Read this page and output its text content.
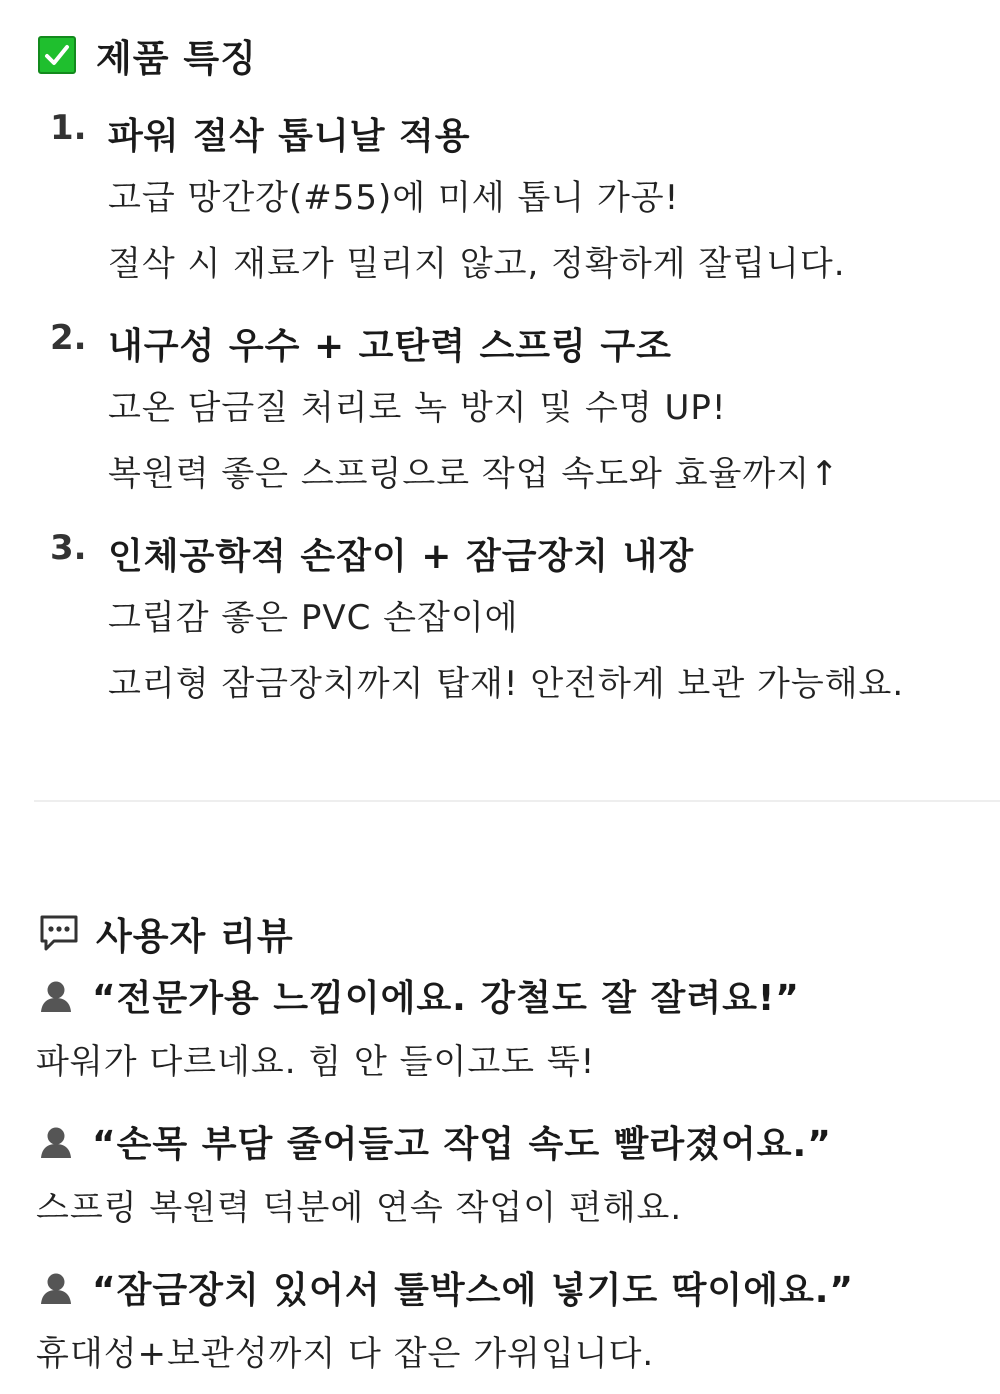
제품 특징
1. 파워 절삭 톱니날 적용
고급 망간강(#55)에 미세 톱니 가공!
절삭 시 재료가 밀리지 않고, 정확하게 잘립니다.
2. 내구성 우수 + 고탄력 스프링 구조
고온 담금질 처리로 녹 방지 및 수명 UP!
복원력 좋은 스프링으로 작업 속도와 효율까지↑
3. 인체공학적 손잡이 + 잠금장치 내장
그립감 좋은 PVC 손잡이에
고리형 잠금장치까지 탑재! 안전하게 보관 가능해요.
사용자 리뷰
“전문가용 느낌이에요. 강철도 잘 잘려요!”
파워가 다르네요. 힘 안 들이고도 뚝!
“손목 부담 줄어들고 작업 속도 빨라졌어요.”
스프링 복원력 덕분에 연속 작업이 편해요.
“잠금장치 있어서 툴박스에 넣기도 딱이에요.”
휴대성+보관성까지 다 잡은 가위입니다.
